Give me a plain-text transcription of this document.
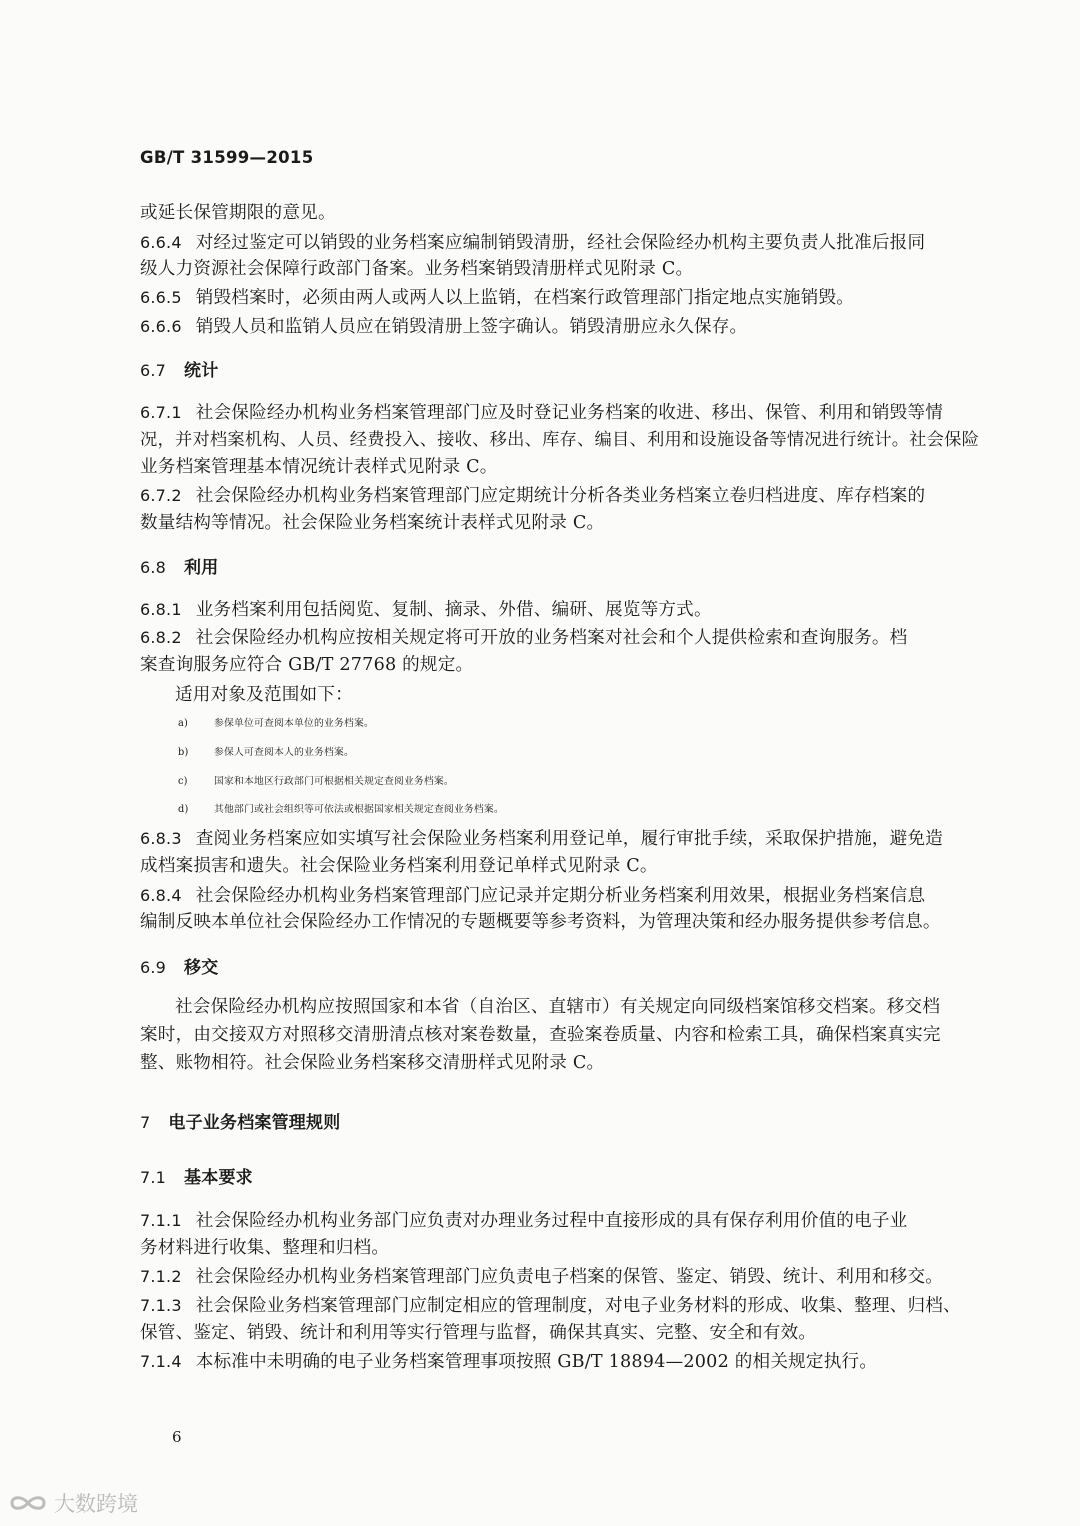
GB/T 31599—2015
或延长保管期限的意见。
6.6.4 对经过鉴定可以销毁的业务档案应编制销毁清册，经社会保险经办机构主要负责人批准后报同
级人力资源社会保障行政部门备案。业务档案销毁清册样式见附录 C。
6.6.5 销毁档案时，必须由两人或两人以上监销，在档案行政管理部门指定地点实施销毁。
6.6.6 销毁人员和监销人员应在销毁清册上签字确认。销毁清册应永久保存。
6.7 统计
6.7.1 社会保险经办机构业务档案管理部门应及时登记业务档案的收进、移出、保管、利用和销毁等情
况，并对档案机构、人员、经费投入、接收、移出、库存、编目、利用和设施设备等情况进行统计。社会保险
业务档案管理基本情况统计表样式见附录 C。
6.7.2 社会保险经办机构业务档案管理部门应定期统计分析各类业务档案立卷归档进度、库存档案的
数量结构等情况。社会保险业务档案统计表样式见附录 C。
6.8 利用
6.8.1 业务档案利用包括阅览、复制、摘录、外借、编研、展览等方式。
6.8.2 社会保险经办机构应按相关规定将可开放的业务档案对社会和个人提供检索和查询服务。档
案查询服务应符合 GB/T 27768 的规定。
适用对象及范围如下：
a)	参保单位可查阅本单位的业务档案。
b)	参保人可查阅本人的业务档案。
c)	国家和本地区行政部门可根据相关规定查阅业务档案。
d)	其他部门或社会组织等可依法或根据国家相关规定查阅业务档案。
6.8.3 查阅业务档案应如实填写社会保险业务档案利用登记单，履行审批手续，采取保护措施，避免造
成档案损害和遗失。社会保险业务档案利用登记单样式见附录 C。
6.8.4 社会保险经办机构业务档案管理部门应记录并定期分析业务档案利用效果，根据业务档案信息
编制反映本单位社会保险经办工作情况的专题概要等参考资料，为管理决策和经办服务提供参考信息。
6.9 移交
社会保险经办机构应按照国家和本省（自治区、直辖市）有关规定向同级档案馆移交档案。移交档
案时，由交接双方对照移交清册清点核对案卷数量，查验案卷质量、内容和检索工具，确保档案真实完
整、账物相符。社会保险业务档案移交清册样式见附录 C。
7 电子业务档案管理规则
7.1 基本要求
7.1.1 社会保险经办机构业务部门应负责对办理业务过程中直接形成的具有保存利用价值的电子业
务材料进行收集、整理和归档。
7.1.2 社会保险经办机构业务档案管理部门应负责电子档案的保管、鉴定、销毁、统计、利用和移交。
7.1.3 社会保险业务档案管理部门应制定相应的管理制度，对电子业务材料的形成、收集、整理、归档、
保管、鉴定、销毁、统计和利用等实行管理与监督，确保其真实、完整、安全和有效。
7.1.4 本标准中未明确的电子业务档案管理事项按照 GB/T 18894—2002 的相关规定执行。
6
大数跨境
